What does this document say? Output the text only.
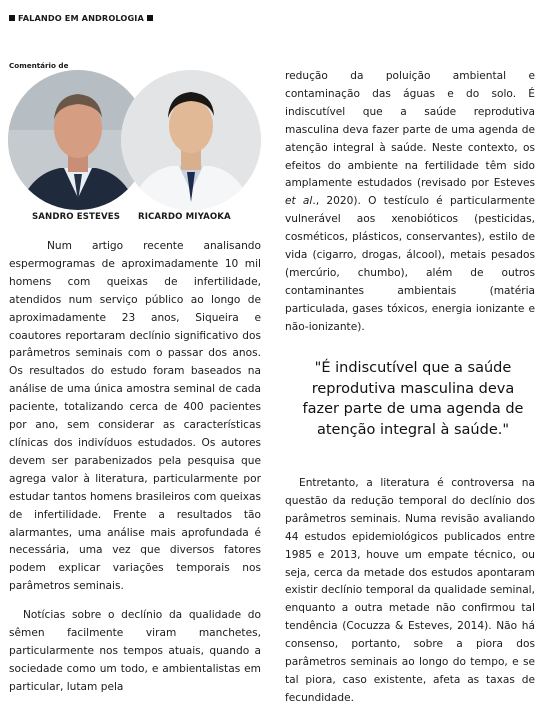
FALANDO EM ANDROLOGIA
Comentário de
SANDRO ESTEVES RICARDO MIYAOKA

Num artigo recente analisando espermogramas de aproximadamente 10 mil homens com queixas de infertilidade, atendidos num serviço público ao longo de aproximadamente 23 anos, Siqueira e coautores reportaram declínio significativo dos parâmetros seminais com o passar dos anos. Os resultados do estudo foram baseados na análise de uma única amostra seminal de cada paciente, totalizando cerca de 400 pacientes por ano, sem considerar as características clínicas dos indivíduos estudados. Os autores devem ser parabenizados pela pesquisa que agrega valor à literatura, particularmente por estudar tantos homens brasileiros com queixas de infertilidade. Frente a resultados tão alarmantes, uma análise mais aprofundada é necessária, uma vez que diversos fatores podem explicar variações temporais nos parâmetros seminais.

Notícias sobre o declínio da qualidade do sêmen facilmente viram manchetes, particularmente nos tempos atuais, quando a sociedade como um todo, e ambientalistas em particular, lutam pela

redução da poluição ambiental e contaminação das águas e do solo. É indiscutível que a saúde reprodutiva masculina deva fazer parte de uma agenda de atenção integral à saúde. Neste contexto, os efeitos do ambiente na fertilidade têm sido amplamente estudados (revisado por Esteves et al., 2020). O testículo é particularmente vulnerável aos xenobióticos (pesticidas, cosméticos, plásticos, conservantes), estilo de vida (cigarro, drogas, álcool), metais pesados (mercúrio, chumbo), além de outros contaminantes ambientais (matéria particulada, gases tóxicos, energia ionizante e não-ionizante).

"É indiscutível que a saúde reprodutiva masculina deva fazer parte de uma agenda de atenção integral à saúde."

Entretanto, a literatura é controversa na questão da redução temporal do declínio dos parâmetros seminais. Numa revisão avaliando 44 estudos epidemiológicos publicados entre 1985 e 2013, houve um empate técnico, ou seja, cerca da metade dos estudos apontaram existir declínio temporal da qualidade seminal, enquanto a outra metade não confirmou tal tendência (Cocuzza & Esteves, 2014). Não há consenso, portanto, sobre a piora dos parâmetros seminais ao longo do tempo, e se tal piora, caso existente, afeta as taxas de fecundidade.
